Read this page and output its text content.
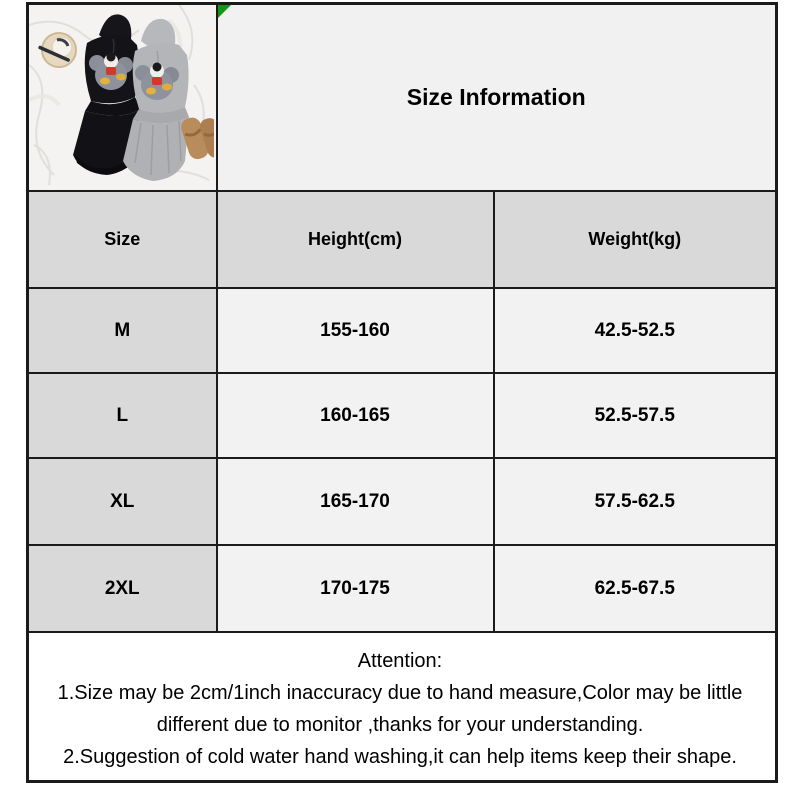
Size Information	
Size	Height(cm)	Weight(kg)
M	155-160	42.5-52.5
L	160-165	52.5-57.5
XL	165-170	57.5-62.5
2XL	170-175	62.5-67.5

Attention:
1.Size may be 2cm/1inch inaccuracy due to hand measure,Color may be little different due to monitor ,thanks for your understanding.
2.Suggestion of cold water hand washing,it can help items keep their shape.		
